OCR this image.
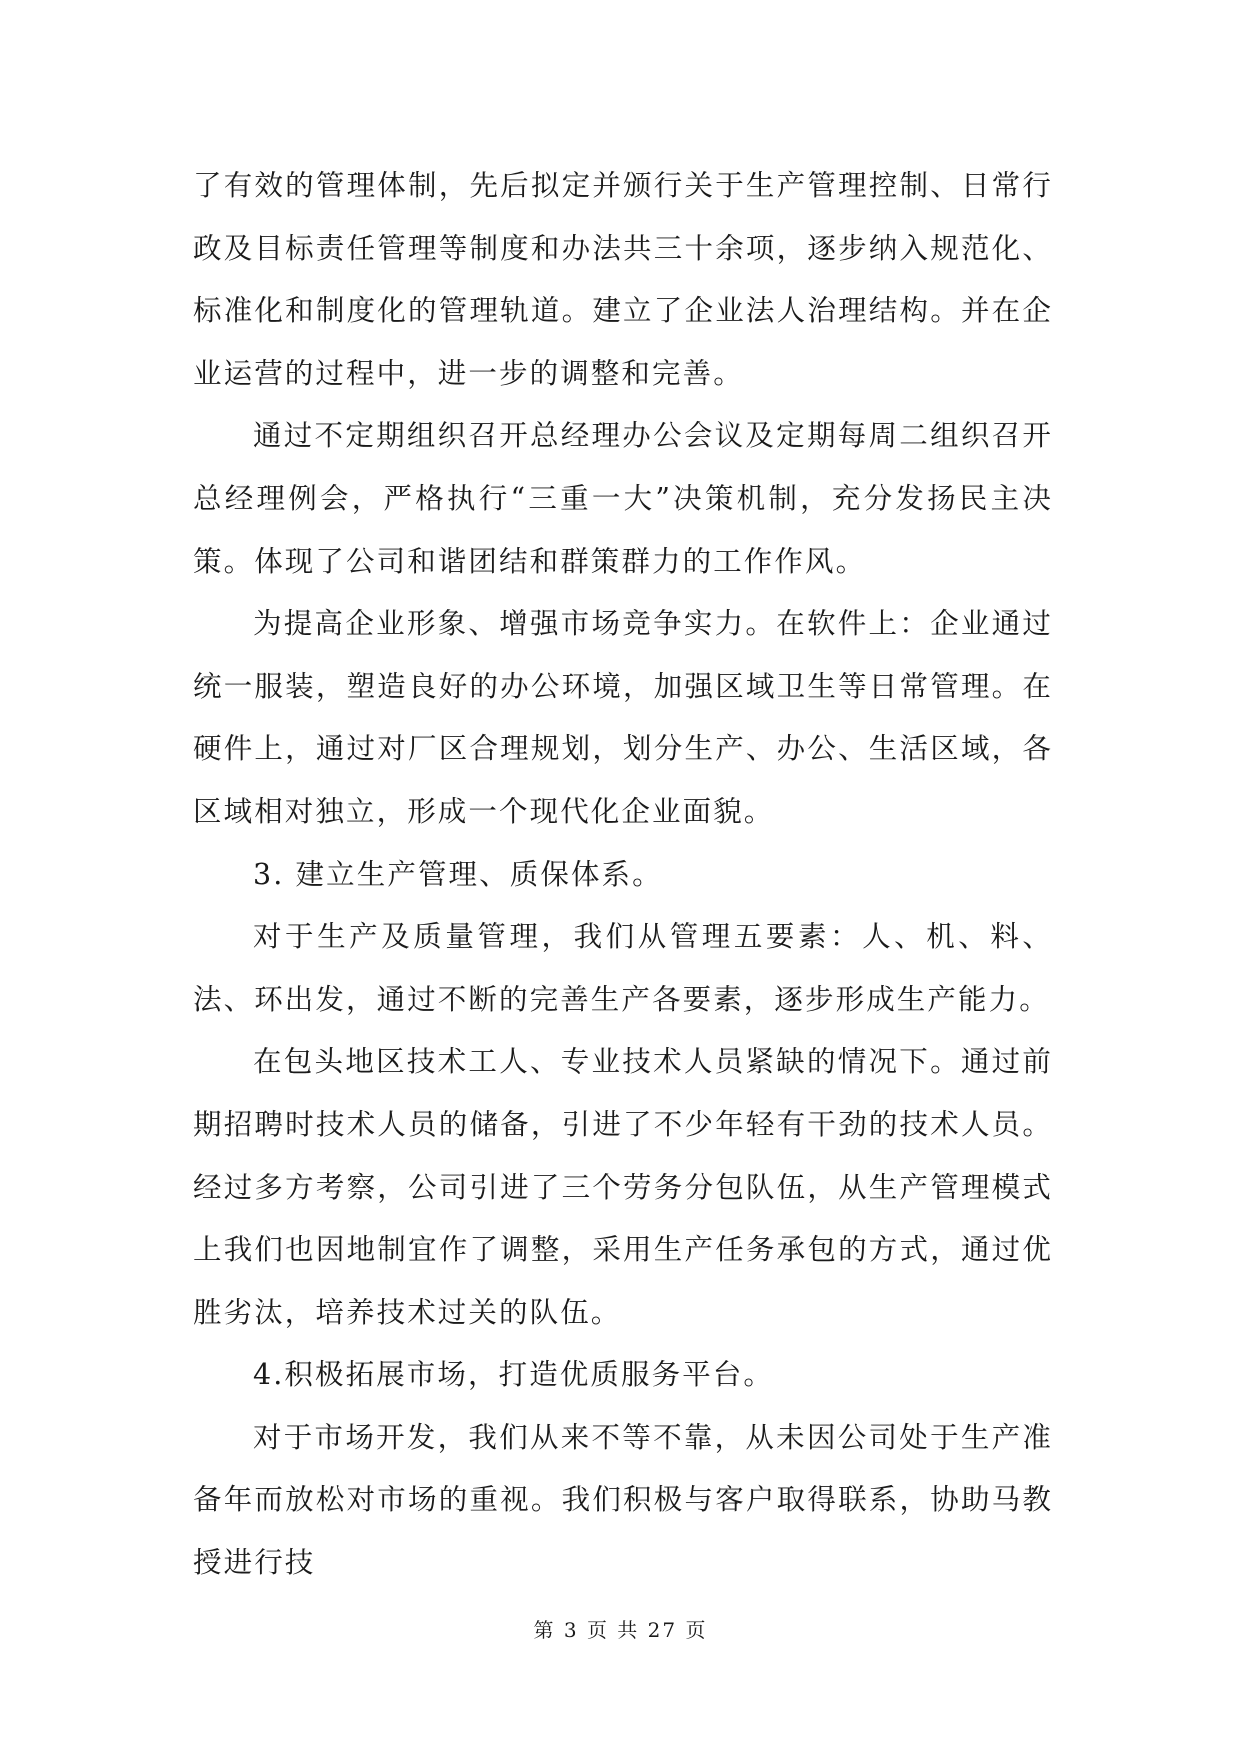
了有效的管理体制，先后拟定并颁行关于生产管理控制、日常行政及目标责任管理等制度和办法共三十余项，逐步纳入规范化、标准化和制度化的管理轨道。建立了企业法人治理结构。并在企业运营的过程中，进一步的调整和完善。

通过不定期组织召开总经理办公会议及定期每周二组织召开总经理例会，严格执行“三重一大”决策机制，充分发扬民主决策。体现了公司和谐团结和群策群力的工作作风。

为提高企业形象、增强市场竞争实力。在软件上：企业通过统一服装，塑造良好的办公环境，加强区域卫生等日常管理。在硬件上，通过对厂区合理规划，划分生产、办公、生活区域，各区域相对独立，形成一个现代化企业面貌。

3. 建立生产管理、质保体系。

对于生产及质量管理，我们从管理五要素：人、机、料、法、环出发，通过不断的完善生产各要素，逐步形成生产能力。

在包头地区技术工人、专业技术人员紧缺的情况下。通过前期招聘时技术人员的储备，引进了不少年轻有干劲的技术人员。经过多方考察，公司引进了三个劳务分包队伍，从生产管理模式上我们也因地制宜作了调整，采用生产任务承包的方式，通过优胜劣汰，培养技术过关的队伍。

4.积极拓展市场，打造优质服务平台。

对于市场开发，我们从来不等不靠，从未因公司处于生产准备年而放松对市场的重视。我们积极与客户取得联系，协助马教授进行技

第 3 页 共 27 页
